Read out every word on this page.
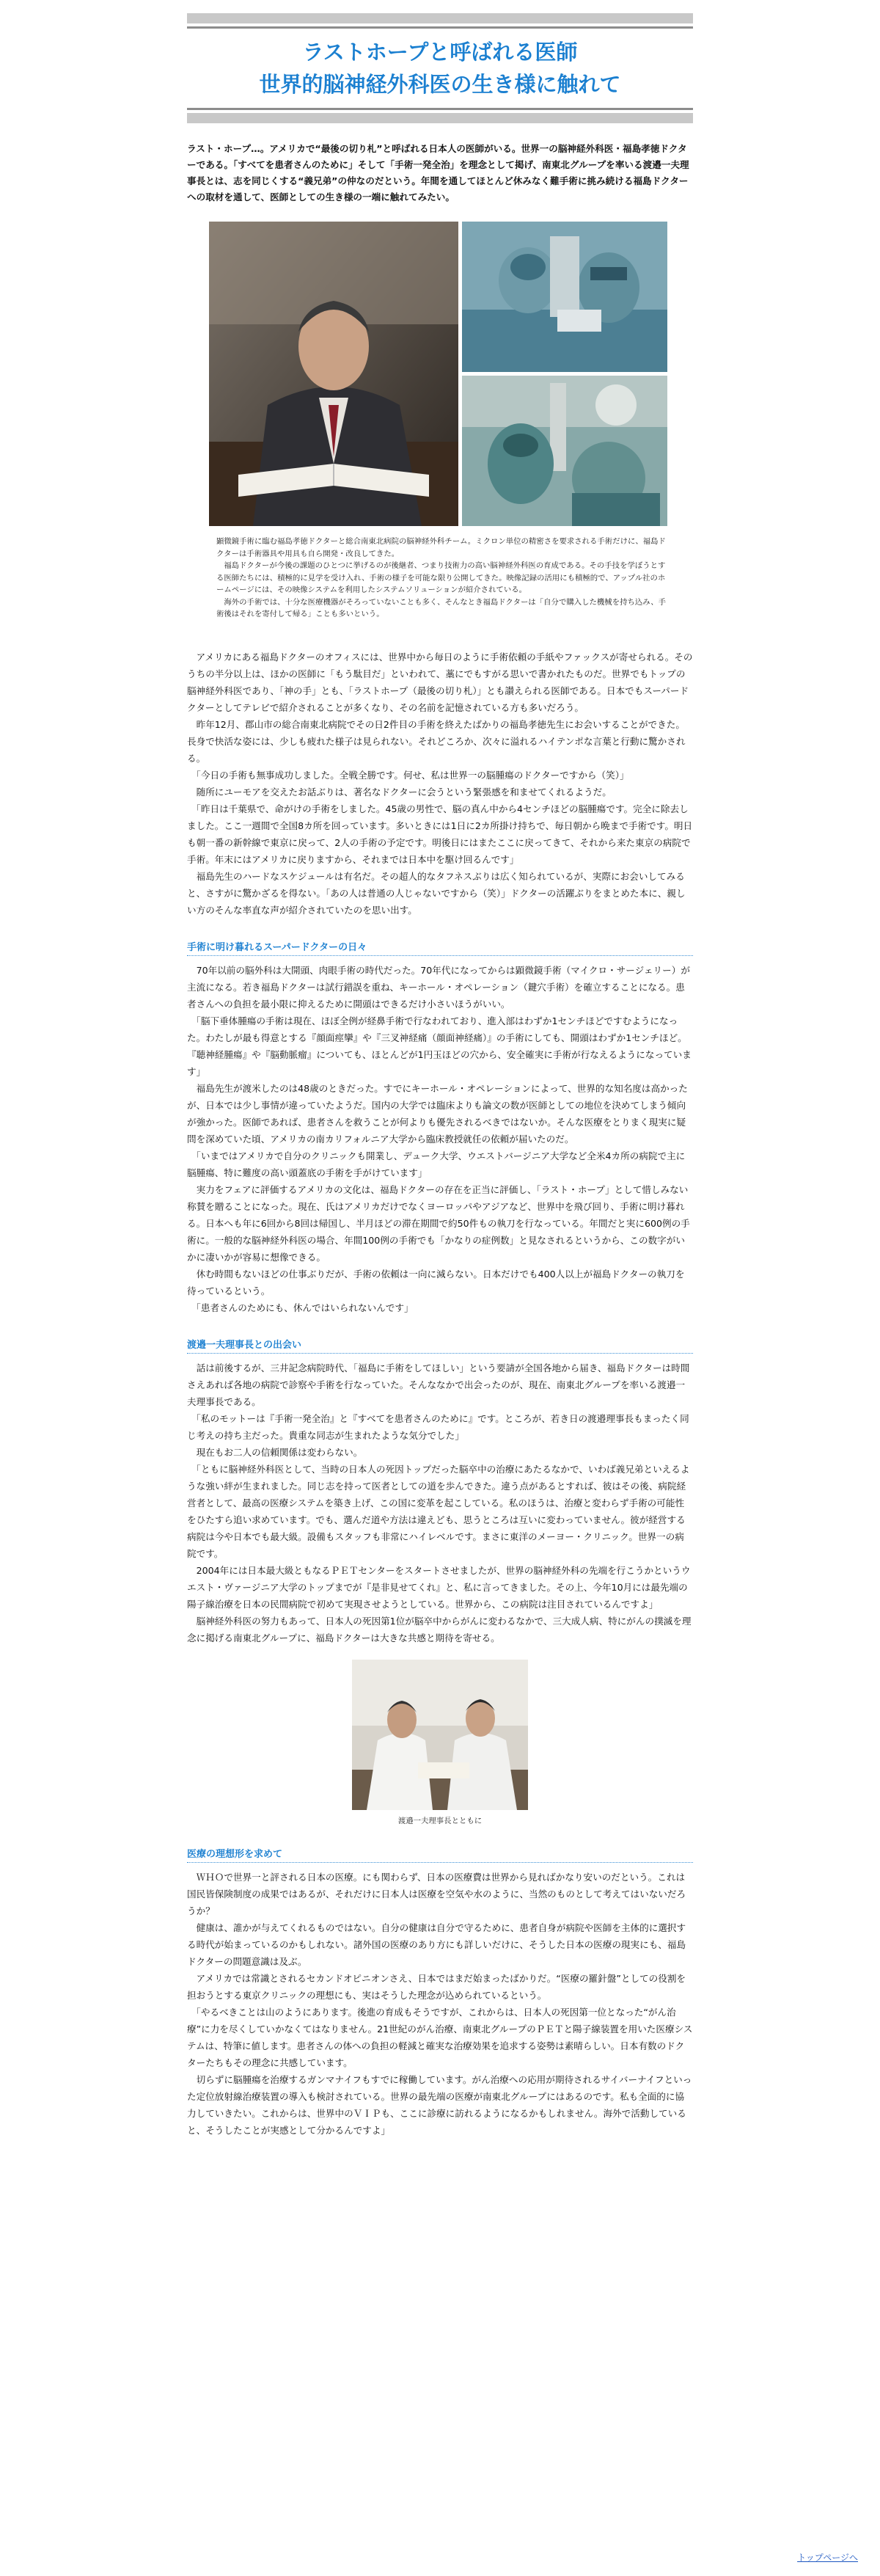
ラストホープと呼ばれる医師
世界的脳神経外科医の生き様に触れて

ラスト・ホープ…。アメリカで“最後の切り札”と呼ばれる日本人の医師がいる。世界一の脳神経外科医・福島孝徳ドクターである。「すべてを患者さんのために」そして「手術一発全治」を理念として掲げ、南東北グループを率いる渡邉一夫理事長とは、志を同じくする“義兄弟”の仲なのだという。年間を通してほとんど休みなく難手術に挑み続ける福島ドクターへの取材を通して、医師としての生き様の一端に触れてみたい。

顕微鏡手術に臨む福島孝徳ドクターと総合南東北病院の脳神経外科チーム。ミクロン単位の精密さを要求される手術だけに、福島ドクターは手術器具や用具も自ら開発・改良してきた。

　福島ドクターが今後の課題のひとつに挙げるのが後継者、つまり技術力の高い脳神経外科医の育成である。その手技を学ぼうとする医師たちには、積極的に見学を受け入れ、手術の様子を可能な限り公開してきた。映像記録の活用にも積極的で、アップル社のホームページには、その映像システムを利用したシステムソリューションが紹介されている。

　海外の手術では、十分な医療機器がそろっていないことも多く、そんなとき福島ドクターは「自分で購入した機械を持ち込み、手術後はそれを寄付して帰る」ことも多いという。

　アメリカにある福島ドクターのオフィスには、世界中から毎日のように手術依頼の手紙やファックスが寄せられる。そのうちの半分以上は、ほかの医師に「もう駄目だ」といわれて、藁にでもすがる思いで書かれたものだ。世界でもトップの脳神経外科医であり、「神の手」とも、「ラストホープ（最後の切り札）」とも讃えられる医師である。日本でもスーパードクターとしてテレビで紹介されることが多くなり、その名前を記憶されている方も多いだろう。

　昨年12月、郡山市の総合南東北病院でその日2件目の手術を終えたばかりの福島孝徳先生にお会いすることができた。長身で快活な姿には、少しも疲れた様子は見られない。それどころか、次々に溢れるハイテンポな言葉と行動に驚かされる。

　「今日の手術も無事成功しました。全戦全勝です。何せ、私は世界一の脳腫瘍のドクターですから（笑）」

　随所にユーモアを交えたお話ぶりは、著名なドクターに会うという緊張感を和ませてくれるようだ。

　「昨日は千葉県で、命がけの手術をしました。45歳の男性で、脳の真ん中から4センチほどの脳腫瘍です。完全に除去しました。ここ一週間で全国8カ所を回っています。多いときには1日に2カ所掛け持ちで、毎日朝から晩まで手術です。明日も朝一番の新幹線で東京に戻って、2人の手術の予定です。明後日にはまたここに戻ってきて、それから来た東京の病院で手術。年末にはアメリカに戻りますから、それまでは日本中を駆け回るんです」

　福島先生のハードなスケジュールは有名だ。その超人的なタフネスぶりは広く知られているが、実際にお会いしてみると、さすがに驚かざるを得ない。「あの人は普通の人じゃないですから（笑）」ドクターの活躍ぶりをまとめた本に、親しい方のそんな率直な声が紹介されていたのを思い出す。

手術に明け暮れるスーパードクターの日々

　70年以前の脳外科は大開頭、肉眼手術の時代だった。70年代になってからは顕微鏡手術（マイクロ・サージェリー）が主流になる。若き福島ドクターは試行錯誤を重ね、キーホール・オペレーション（鍵穴手術）を確立することになる。患者さんへの負担を最小限に抑えるために開頭はできるだけ小さいほうがいい。

　「脳下垂体腫瘍の手術は現在、ほぼ全例が経鼻手術で行なわれており、進入部はわずか1センチほどですむようになった。わたしが最も得意とする『顔面痙攣』や『三叉神経痛（顔面神経痛）』の手術にしても、開頭はわずか1センチほど。『聴神経腫瘍』や『脳動脈瘤』についても、ほとんどが1円玉ほどの穴から、安全確実に手術が行なえるようになっています」

　福島先生が渡米したのは48歳のときだった。すでにキーホール・オペレーションによって、世界的な知名度は高かったが、日本では少し事情が違っていたようだ。国内の大学では臨床よりも論文の数が医師としての地位を決めてしまう傾向が強かった。医師であれば、患者さんを救うことが何よりも優先されるべきではないか。そんな医療をとりまく現実に疑問を深めていた頃、アメリカの南カリフォルニア大学から臨床教授就任の依頼が届いたのだ。

　「いまではアメリカで自分のクリニックも開業し、デューク大学、ウエストバージニア大学など全米4カ所の病院で主に脳腫瘍、特に難度の高い頭蓋底の手術を手がけています」

　実力をフェアに評価するアメリカの文化は、福島ドクターの存在を正当に評価し、「ラスト・ホープ」として惜しみない称賛を贈ることになった。現在、氏はアメリカだけでなくヨーロッパやアジアなど、世界中を飛び回り、手術に明け暮れる。日本へも年に6回から8回は帰国し、半月ほどの滞在期間で約50件もの執刀を行なっている。年間だと実に600例の手術に。一般的な脳神経外科医の場合、年間100例の手術でも「かなりの症例数」と見なされるというから、この数字がいかに凄いかが容易に想像できる。

　休む時間もないほどの仕事ぶりだが、手術の依頼は一向に減らない。日本だけでも400人以上が福島ドクターの執刀を待っているという。

　「患者さんのためにも、休んではいられないんです」

渡邉一夫理事長との出会い

　話は前後するが、三井記念病院時代、「福島に手術をしてほしい」という要請が全国各地から届き、福島ドクターは時間さえあれば各地の病院で診察や手術を行なっていた。そんななかで出会ったのが、現在、南東北グループを率いる渡邉一夫理事長である。

　「私のモットーは『手術一発全治』と『すべてを患者さんのために』です。ところが、若き日の渡邉理事長もまったく同じ考えの持ち主だった。貴重な同志が生まれたような気分でした」

　現在もお二人の信頼関係は変わらない。

　「ともに脳神経外科医として、当時の日本人の死因トップだった脳卒中の治療にあたるなかで、いわば義兄弟といえるような強い絆が生まれました。同じ志を持って医者としての道を歩んできた。違う点があるとすれば、彼はその後、病院経営者として、最高の医療システムを築き上げ、この国に変革を起こしている。私のほうは、治療と変わらず手術の可能性をひたすら追い求めています。でも、選んだ道や方法は違えども、思うところは互いに変わっていません。彼が経営する病院は今や日本でも最大級。設備もスタッフも非常にハイレベルです。まさに東洋のメーヨー・クリニック。世界一の病院です。

　2004年には日本最大級ともなるＰＥＴセンターをスタートさせましたが、世界の脳神経外科の先端を行こうかというウエスト・ヴァージニア大学のトップまでが『是非見せてくれ』と、私に言ってきました。その上、今年10月には最先端の陽子線治療を日本の民間病院で初めて実現させようとしている。世界から、この病院は注目されているんですよ」

　脳神経外科医の努力もあって、日本人の死因第1位が脳卒中からがんに変わるなかで、三大成人病、特にがんの撲滅を理念に掲げる南東北グループに、福島ドクターは大きな共感と期待を寄せる。

渡邉一夫理事長とともに
医療の理想形を求めて

　ＷＨＯで世界一と評される日本の医療。にも関わらず、日本の医療費は世界から見ればかなり安いのだという。これは国民皆保険制度の成果ではあるが、それだけに日本人は医療を空気や水のように、当然のものとして考えてはいないだろうか？

　健康は、誰かが与えてくれるものではない。自分の健康は自分で守るために、患者自身が病院や医師を主体的に選択する時代が始まっているのかもしれない。諸外国の医療のあり方にも詳しいだけに、そうした日本の医療の現実にも、福島ドクターの問題意識は及ぶ。

　アメリカでは常識とされるセカンドオピニオンさえ、日本ではまだ始まったばかりだ。“医療の羅針盤”としての役割を担おうとする東京クリニックの理想にも、実はそうした理念が込められているという。

　「やるべきことは山のようにあります。後進の育成もそうですが、これからは、日本人の死因第一位となった“がん治療”に力を尽くしていかなくてはなりません。21世紀のがん治療、南東北グループのＰＥＴと陽子線装置を用いた医療システムは、特筆に値します。患者さんの体への負担の軽減と確実な治療効果を追求する姿勢は素晴らしい。日本有数のドクターたちもその理念に共感しています。

　切らずに脳腫瘍を治療するガンマナイフもすでに稼働しています。がん治療への応用が期待されるサイバーナイフといった定位放射線治療装置の導入も検討されている。世界の最先端の医療が南東北グループにはあるのです。私も全面的に協力していきたい。これからは、世界中のＶＩＰも、ここに診療に訪れるようになるかもしれません。海外で活動していると、そうしたことが実感として分かるんですよ」

トップページへ
